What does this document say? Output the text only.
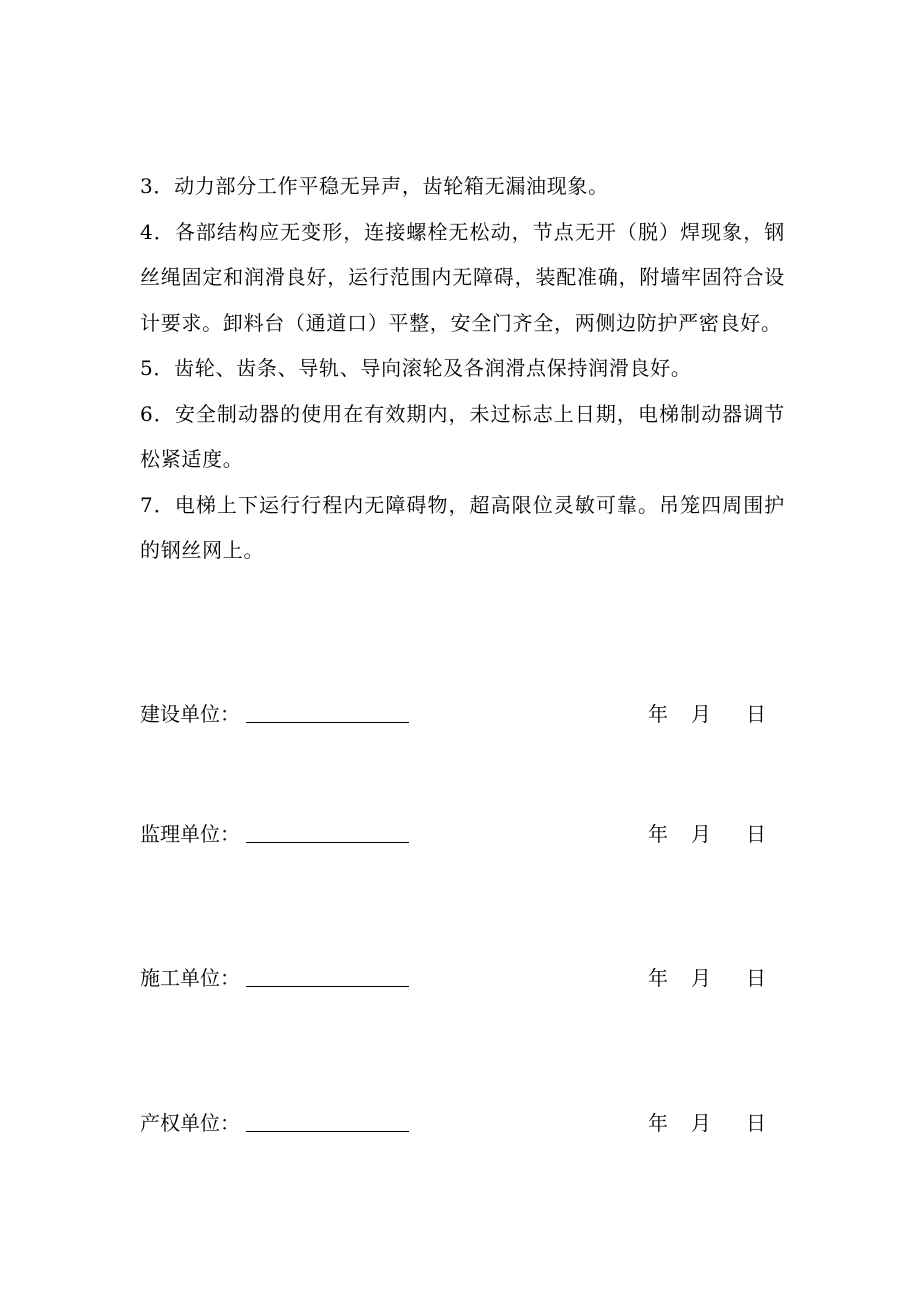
3．动力部分工作平稳无异声，齿轮箱无漏油现象。

4．各部结构应无变形，连接螺栓无松动，节点无开（脱）焊现象，钢丝绳固定和润滑良好，运行范围内无障碍，装配准确，附墙牢固符合设计要求。卸料台（通道口）平整，安全门齐全，两侧边防护严密良好。

5．齿轮、齿条、导轨、导向滚轮及各润滑点保持润滑良好。

6．安全制动器的使用在有效期内，未过标志上日期，电梯制动器调节松紧适度。

7．电梯上下运行行程内无障碍物，超高限位灵敏可靠。吊笼四周围护的钢丝网上。

建设单位：	年 月 日
监理单位：	年 月 日
施工单位：	年 月 日
产权单位：	年 月 日
